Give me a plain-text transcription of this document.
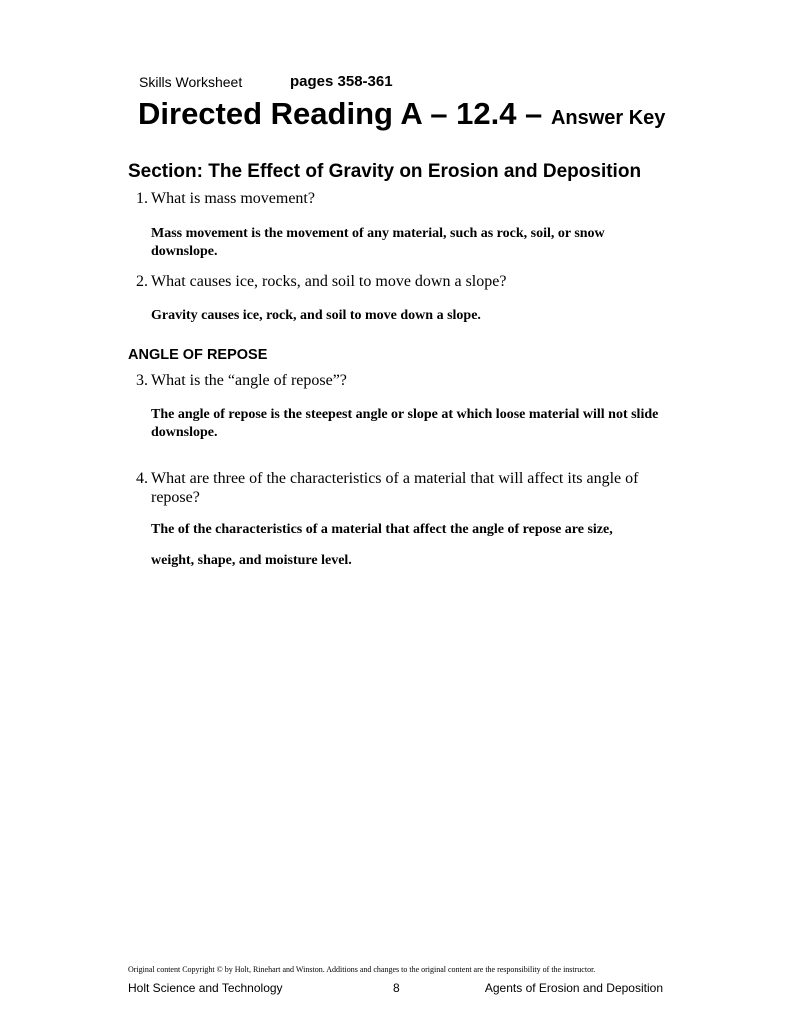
Skills Worksheet	pages 358-361
Directed Reading A – 12.4 – Answer Key
Section: The Effect of Gravity on Erosion and Deposition
1. What is mass movement?
Mass movement is the movement of any material, such as rock, soil, or snow downslope.
2. What causes ice, rocks, and soil to move down a slope?
Gravity causes ice, rock, and soil to move down a slope.
ANGLE OF REPOSE
3. What is the “angle of repose”?
The angle of repose is the steepest angle or slope at which loose material will not slide downslope.
4. What are three of the characteristics of a material that will affect its angle of repose?
The of the characteristics of a material that affect the angle of repose are size,
weight, shape, and moisture level.
Original content Copyright © by Holt, Rinehart and Winston. Additions and changes to the original content are the responsibility of the instructor.
Holt Science and Technology	8	Agents of Erosion and Deposition
